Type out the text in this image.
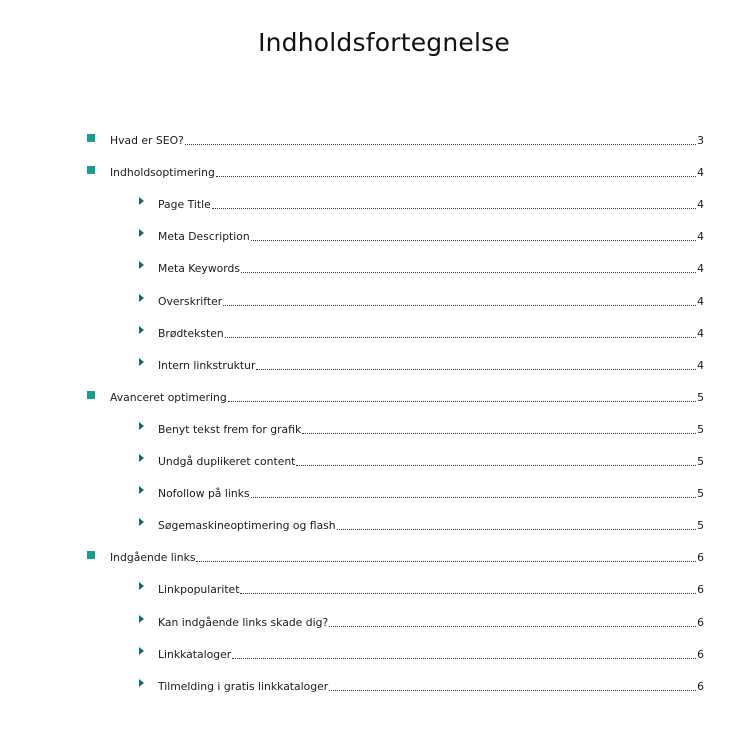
Indholdsfortegnelse
Hvad er SEO?	3
Indholdsoptimering	4
Page Title	4
Meta Description	4
Meta Keywords	4
Overskrifter	4
Brødteksten	4
Intern linkstruktur	4
Avanceret optimering	5
Benyt tekst frem for grafik	5
Undgå duplikeret content	5
Nofollow på links	5
Søgemaskineoptimering og flash	5
Indgående links	6
Linkpopularitet	6
Kan indgående links skade dig?	6
Linkkataloger	6
Tilmelding i gratis linkkataloger	6
